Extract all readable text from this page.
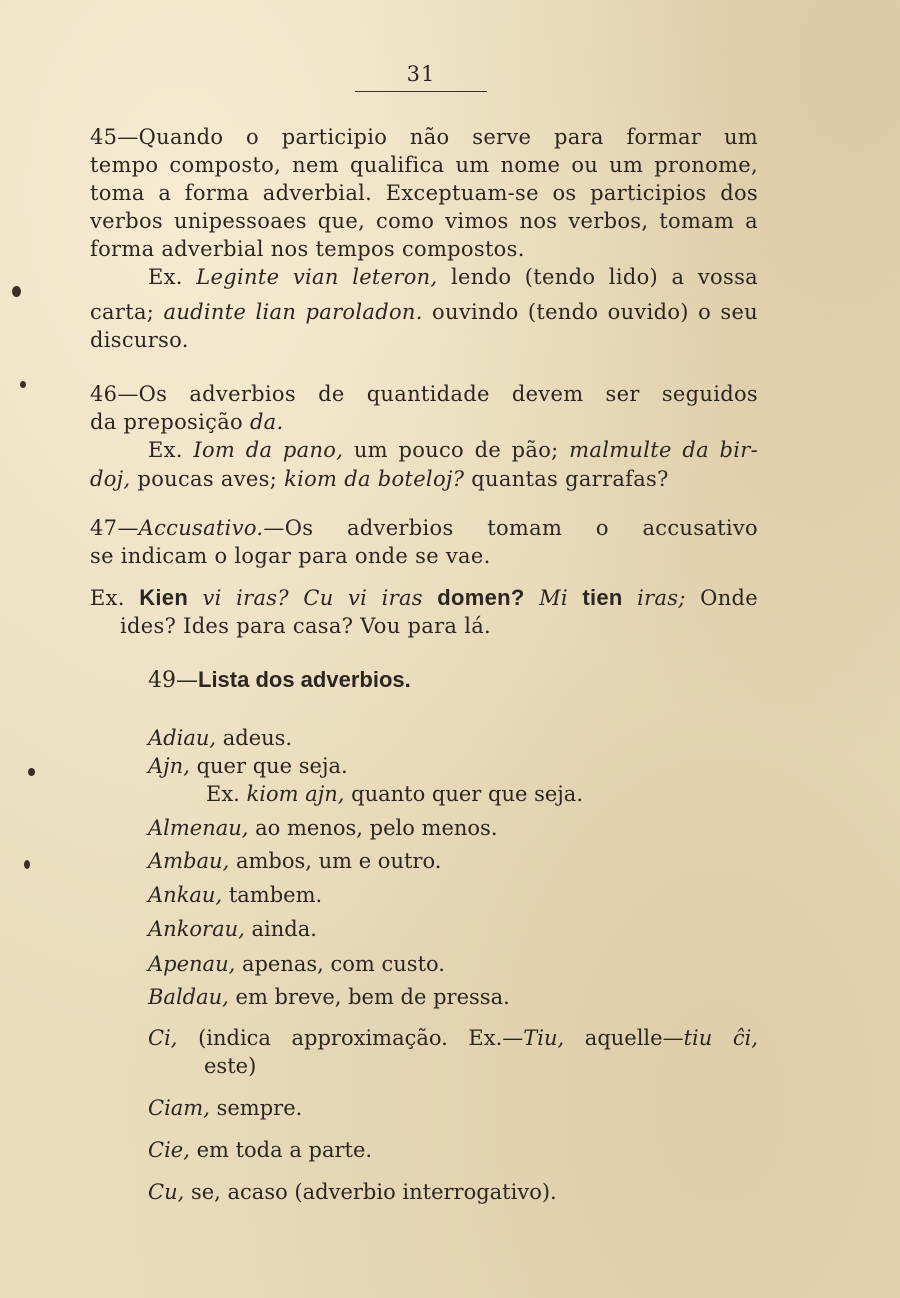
31
45—Quando o participio não serve para formar um
tempo composto, nem qualifica um nome ou um pronome,
toma a forma adverbial. Exceptuam-se os participios dos
verbos unipessoaes que, como vimos nos verbos, tomam a
forma adverbial nos tempos compostos.
Ex. Leginte vian leteron, lendo (tendo lido) a vossa
carta; audinte lian paroladon. ouvindo (tendo ouvido) o seu
discurso.
46—Os adverbios de quantidade devem ser seguidos
da preposição da.
Ex. Iom da pano, um pouco de pão; malmulte da bir-
doj, poucas aves; kiom da boteloj? quantas garrafas?
47—Accusativo.—Os adverbios tomam o accusativo
se indicam o logar para onde se vae.
Ex. Kien vi iras? Cu vi iras domen? Mi tien iras; Onde
ides? Ides para casa? Vou para lá.
49—Lista dos adverbios.
Adiau, adeus.
Ajn, quer que seja.
Ex. kiom ajn, quanto quer que seja.
Almenau, ao menos, pelo menos.
Ambau, ambos, um e outro.
Ankau, tambem.
Ankorau, ainda.
Apenau, apenas, com custo.
Baldau, em breve, bem de pressa.
Ci, (indica approximação. Ex.—Tiu, aquelle—tiu ĉi,
este)
Ciam, sempre.
Cie, em toda a parte.
Cu, se, acaso (adverbio interrogativo).
